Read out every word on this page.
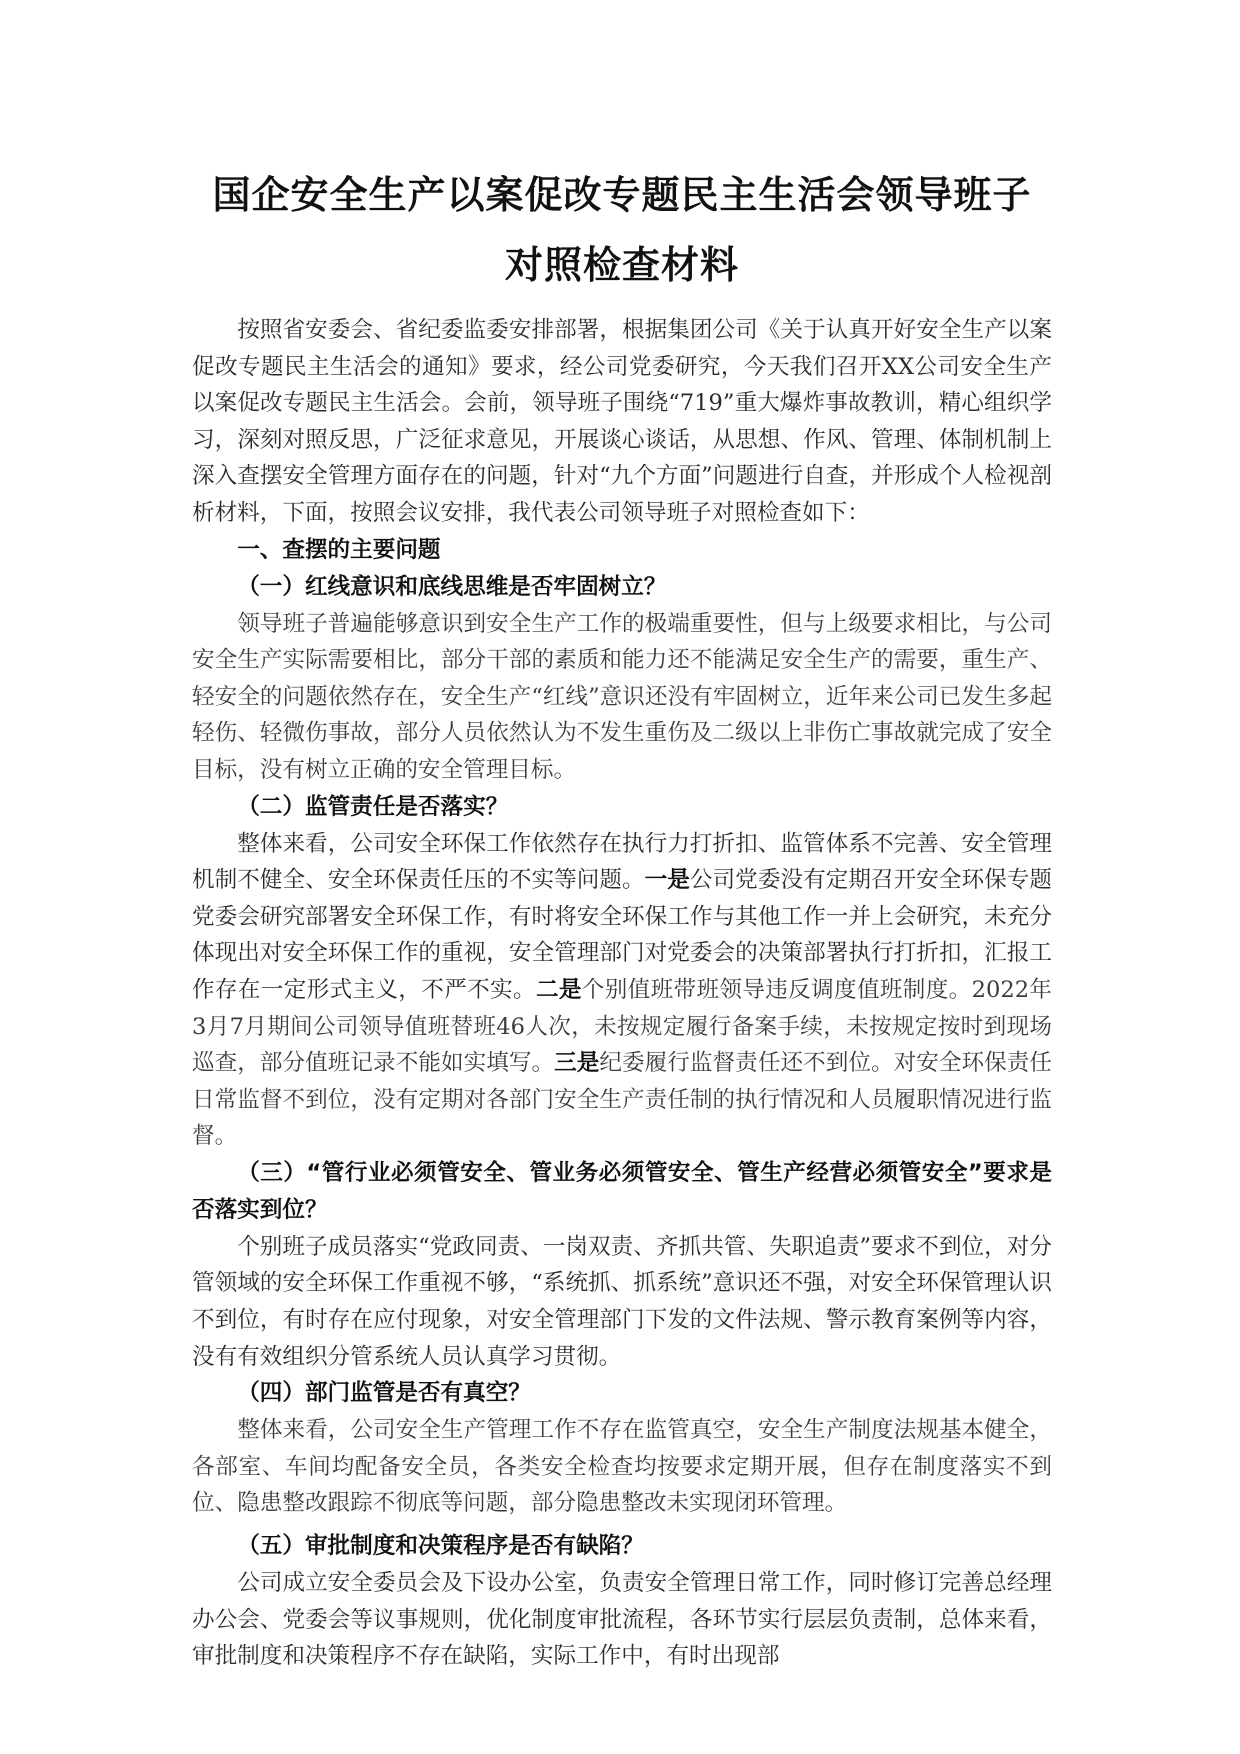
国企安全生产以案促改专题民主生活会领导班子
对照检查材料

按照省安委会、省纪委监委安排部署，根据集团公司《关于认真开好安全生产以案促改专题民主生活会的通知》要求，经公司党委研究，今天我们召开XX公司安全生产以案促改专题民主生活会。会前，领导班子围绕“719”重大爆炸事故教训，精心组织学习，深刻对照反思，广泛征求意见，开展谈心谈话，从思想、作风、管理、体制机制上深入查摆安全管理方面存在的问题，针对“九个方面”问题进行自查，并形成个人检视剖析材料，下面，按照会议安排，我代表公司领导班子对照检查如下：

一、查摆的主要问题
（一）红线意识和底线思维是否牢固树立？

领导班子普遍能够意识到安全生产工作的极端重要性，但与上级要求相比，与公司安全生产实际需要相比，部分干部的素质和能力还不能满足安全生产的需要，重生产、轻安全的问题依然存在，安全生产“红线”意识还没有牢固树立，近年来公司已发生多起轻伤、轻微伤事故，部分人员依然认为不发生重伤及二级以上非伤亡事故就完成了安全目标，没有树立正确的安全管理目标。

（二）监管责任是否落实？

整体来看，公司安全环保工作依然存在执行力打折扣、监管体系不完善、安全管理机制不健全、安全环保责任压的不实等问题。一是公司党委没有定期召开安全环保专题党委会研究部署安全环保工作，有时将安全环保工作与其他工作一并上会研究，未充分体现出对安全环保工作的重视，安全管理部门对党委会的决策部署执行打折扣，汇报工作存在一定形式主义，不严不实。二是个别值班带班领导违反调度值班制度。2022年3月7月期间公司领导值班替班46人次，未按规定履行备案手续，未按规定按时到现场巡查，部分值班记录不能如实填写。三是纪委履行监督责任还不到位。对安全环保责任日常监督不到位，没有定期对各部门安全生产责任制的执行情况和人员履职情况进行监督。

（三）“管行业必须管安全、管业务必须管安全、管生产经营必须管安全”要求是否落实到位？

个别班子成员落实“党政同责、一岗双责、齐抓共管、失职追责”要求不到位，对分管领域的安全环保工作重视不够，“系统抓、抓系统”意识还不强，对安全环保管理认识不到位，有时存在应付现象，对安全管理部门下发的文件法规、警示教育案例等内容，没有有效组织分管系统人员认真学习贯彻。

（四）部门监管是否有真空？

整体来看，公司安全生产管理工作不存在监管真空，安全生产制度法规基本健全，各部室、车间均配备安全员，各类安全检查均按要求定期开展，但存在制度落实不到位、隐患整改跟踪不彻底等问题，部分隐患整改未实现闭环管理。

（五）审批制度和决策程序是否有缺陷？

公司成立安全委员会及下设办公室，负责安全管理日常工作，同时修订完善总经理办公会、党委会等议事规则，优化制度审批流程，各环节实行层层负责制，总体来看，审批制度和决策程序不存在缺陷，实际工作中，有时出现部
